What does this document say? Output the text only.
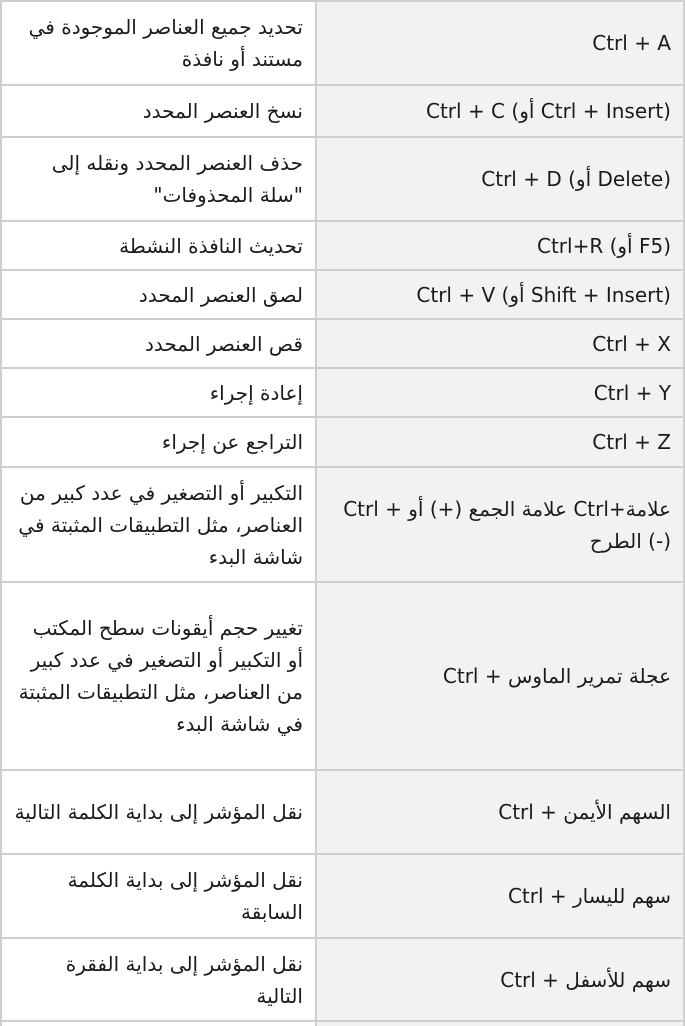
تحديد جميع العناصر الموجودة في مستند أو نافذة	Ctrl + A

نسخ العنصر المحدد	Ctrl + C (أو Ctrl + Insert)

حذف العنصر المحدد ونقله إلى "سلة المحذوفات"	Ctrl + D (أو Delete)

تحديث النافذة النشطة	Ctrl+R (أو F5)

لصق العنصر المحدد	Ctrl + V (أو Shift + Insert)

قص العنصر المحدد	Ctrl + X

إعادة إجراء	Ctrl + Y

التراجع عن إجراء	Ctrl + Z

التكبير أو التصغير في عدد كبير من العناصر، مثل التطبيقات المثبتة في شاشة البدء	Ctrl + علامة الجمع (+) أو Ctrl+علامة الطرح (-)

تغيير حجم أيقونات سطح المكتب أو التكبير أو التصغير في عدد كبير من العناصر، مثل التطبيقات المثبتة في شاشة البدء	Ctrl + عجلة تمرير الماوس

نقل المؤشر إلى بداية الكلمة التالية	Ctrl + السهم الأيمن

نقل المؤشر إلى بداية الكلمة السابقة	Ctrl + سهم لليسار

نقل المؤشر إلى بداية الفقرة التالية	Ctrl + سهم للأسفل
